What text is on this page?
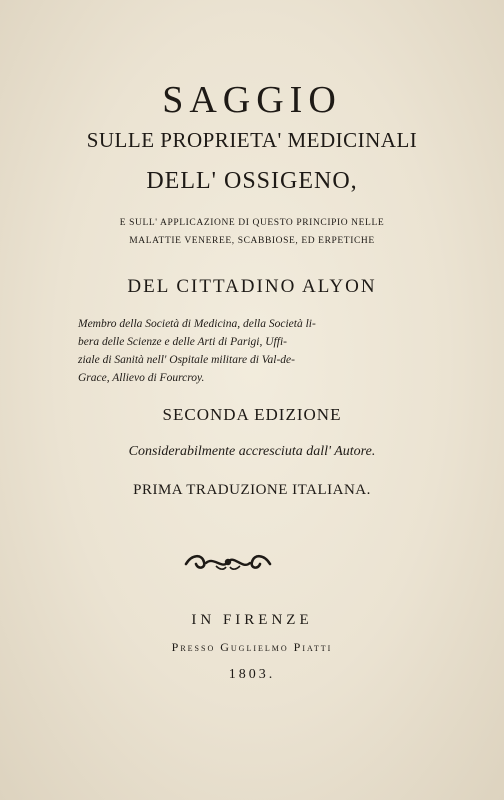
SAGGIO
SULLE PROPRIETA' MEDICINALI
DELL' OSSIGENO,
E SULL' APPLICAZIONE DI QUESTO PRINCIPIO NELLE
MALATTIE VENEREE, SCABBIOSE, ED ERPETICHE
DEL CITTADINO ALYON
Membro della Società di Medicina, della Società li-
bera delle Scienze e delle Arti di Parigi, Uffi-
ziale di Sanità nell' Ospitale militare di Val-de-
Grace, Allievo di Fourcroy.
SECONDA EDIZIONE
Considerabilmente accresciuta dall' Autore.
PRIMA TRADUZIONE ITALIANA.
IN FIRENZE
Presso Guglielmo Piatti
1803.
